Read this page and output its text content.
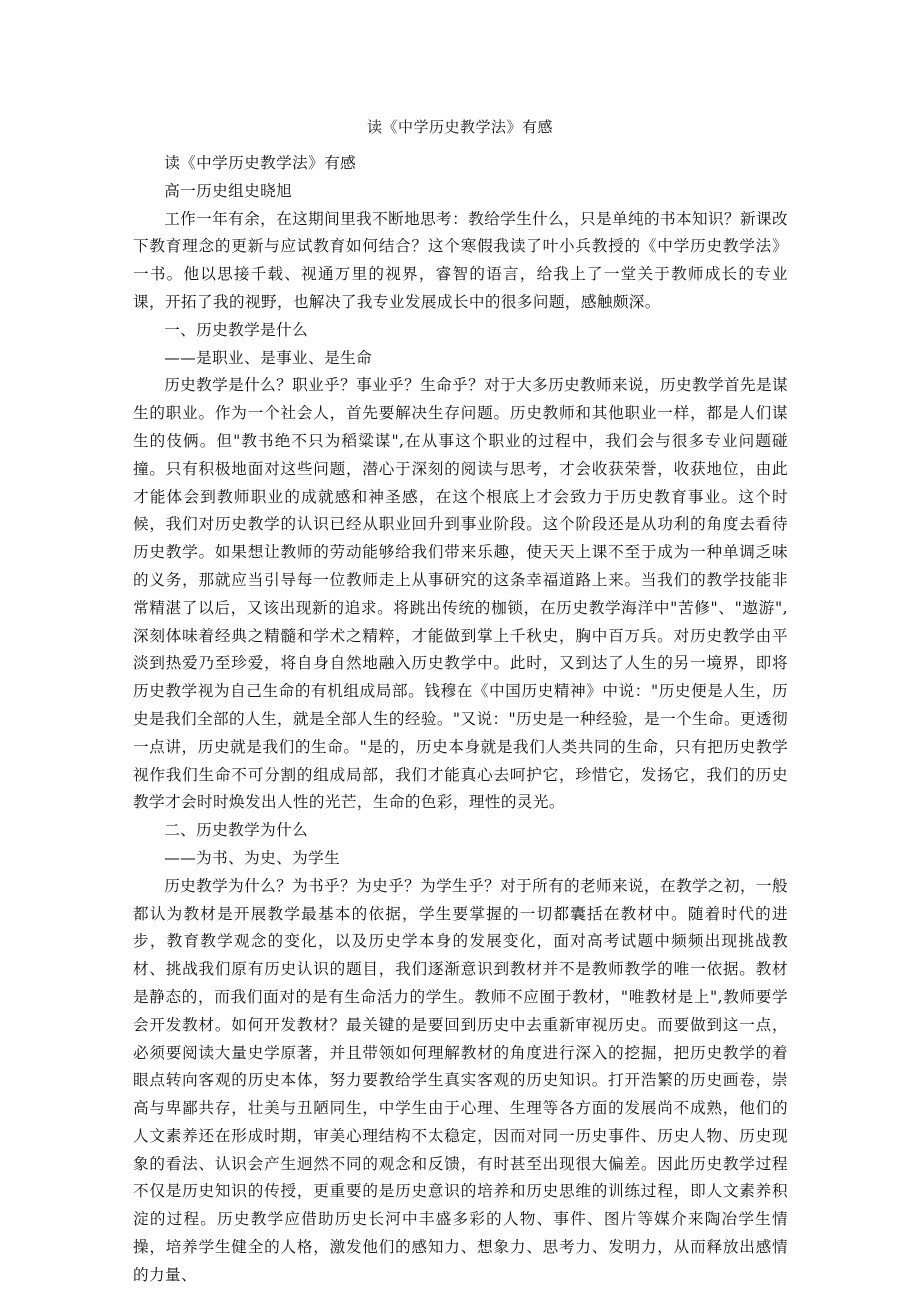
读《中学历史教学法》有感

读《中学历史教学法》有感

高一历史组史晓旭

工作一年有余，在这期间里我不断地思考：教给学生什么，只是单纯的书本知识？新课改下教育理念的更新与应试教育如何结合？这个寒假我读了叶小兵教授的《中学历史教学法》一书。他以思接千载、视通万里的视界，睿智的语言，给我上了一堂关于教师成长的专业课，开拓了我的视野，也解决了我专业发展成长中的很多问题，感触颇深。

一、历史教学是什么

——是职业、是事业、是生命

历史教学是什么？职业乎？事业乎？生命乎？对于大多历史教师来说，历史教学首先是谋生的职业。作为一个社会人，首先要解决生存问题。历史教师和其他职业一样，都是人们谋生的伎俩。但"教书绝不只为稻粱谋",在从事这个职业的过程中，我们会与很多专业问题碰撞。只有积极地面对这些问题，潜心于深刻的阅读与思考，才会收获荣誉，收获地位，由此才能体会到教师职业的成就感和神圣感，在这个根底上才会致力于历史教育事业。这个时候，我们对历史教学的认识已经从职业回升到事业阶段。这个阶段还是从功利的角度去看待历史教学。如果想让教师的劳动能够给我们带来乐趣，使天天上课不至于成为一种单调乏味的义务，那就应当引导每一位教师走上从事研究的这条幸福道路上来。当我们的教学技能非常精湛了以后，又该出现新的追求。将跳出传统的枷锁，在历史教学海洋中"苦修"、"遨游",深刻体味着经典之精髓和学术之精粹，才能做到掌上千秋史，胸中百万兵。对历史教学由平淡到热爱乃至珍爱，将自身自然地融入历史教学中。此时，又到达了人生的另一境界，即将历史教学视为自己生命的有机组成局部。钱穆在《中国历史精神》中说："历史便是人生，历史是我们全部的人生，就是全部人生的经验。"又说："历史是一种经验，是一个生命。更透彻一点讲，历史就是我们的生命。"是的，历史本身就是我们人类共同的生命，只有把历史教学视作我们生命不可分割的组成局部，我们才能真心去呵护它，珍惜它，发扬它，我们的历史教学才会时时焕发出人性的光芒，生命的色彩，理性的灵光。

二、历史教学为什么

——为书、为史、为学生

历史教学为什么？为书乎？为史乎？为学生乎？对于所有的老师来说，在教学之初，一般都认为教材是开展教学最基本的依据，学生要掌握的一切都囊括在教材中。随着时代的进步，教育教学观念的变化，以及历史学本身的发展变化，面对高考试题中频频出现挑战教材、挑战我们原有历史认识的题目，我们逐渐意识到教材并不是教师教学的唯一依据。教材是静态的，而我们面对的是有生命活力的学生。教师不应囿于教材，"唯教材是上",教师要学会开发教材。如何开发教材？最关键的是要回到历史中去重新审视历史。而要做到这一点，必须要阅读大量史学原著，并且带领如何理解教材的角度进行深入的挖掘，把历史教学的着眼点转向客观的历史本体，努力要教给学生真实客观的历史知识。打开浩繁的历史画卷，崇高与卑鄙共存，壮美与丑陋同生，中学生由于心理、生理等各方面的发展尚不成熟，他们的人文素养还在形成时期，审美心理结构不太稳定，因而对同一历史事件、历史人物、历史现象的看法、认识会产生迥然不同的观念和反馈，有时甚至出现很大偏差。因此历史教学过程不仅是历史知识的传授，更重要的是历史意识的培养和历史思维的训练过程，即人文素养积淀的过程。历史教学应借助历史长河中丰盛多彩的人物、事件、图片等媒介来陶冶学生情操，培养学生健全的人格，激发他们的感知力、想象力、思考力、发明力，从而释放出感情的力量、
